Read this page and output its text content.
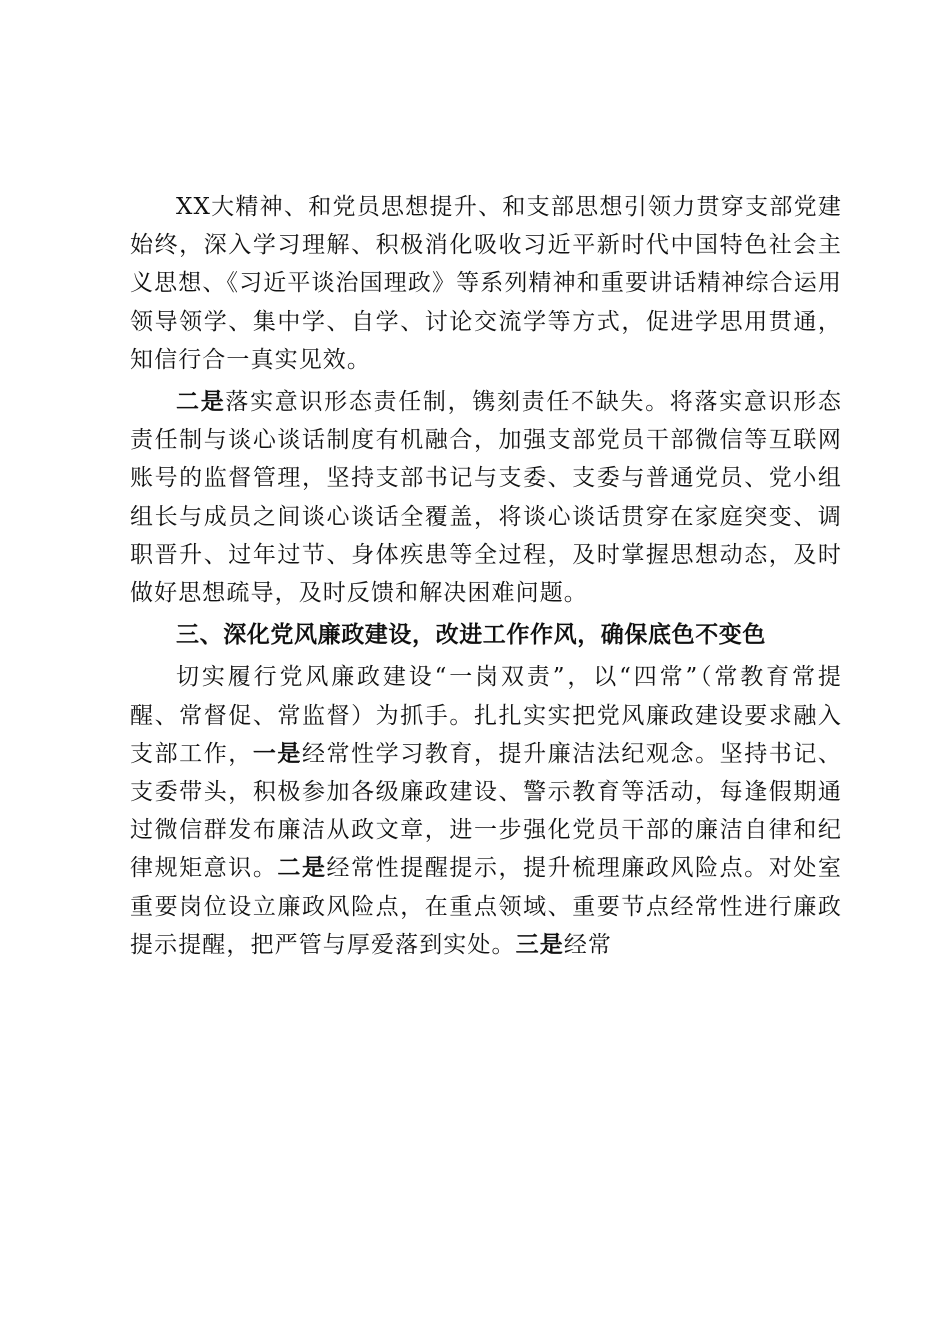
XX大精神、和党员思想提升、和支部思想引领力贯穿支部党建始终，深入学习理解、积极消化吸收习近平新时代中国特色社会主义思想、《习近平谈治国理政》等系列精神和重要讲话精神综合运用领导领学、集中学、自学、讨论交流学等方式，促进学思用贯通，知信行合一真实见效。

二是落实意识形态责任制，镌刻责任不缺失。将落实意识形态责任制与谈心谈话制度有机融合，加强支部党员干部微信等互联网账号的监督管理，坚持支部书记与支委、支委与普通党员、党小组组长与成员之间谈心谈话全覆盖，将谈心谈话贯穿在家庭突变、调职晋升、过年过节、身体疾患等全过程，及时掌握思想动态，及时做好思想疏导，及时反馈和解决困难问题。

三、深化党风廉政建设，改进工作作风，确保底色不变色

切实履行党风廉政建设“一岗双责”，以“四常”（常教育常提醒、常督促、常监督）为抓手。扎扎实实把党风廉政建设要求融入支部工作，一是经常性学习教育，提升廉洁法纪观念。坚持书记、支委带头，积极参加各级廉政建设、警示教育等活动，每逢假期通过微信群发布廉洁从政文章，进一步强化党员干部的廉洁自律和纪律规矩意识。二是经常性提醒提示，提升梳理廉政风险点。对处室重要岗位设立廉政风险点，在重点领域、重要节点经常性进行廉政提示提醒，把严管与厚爱落到实处。三是经常
